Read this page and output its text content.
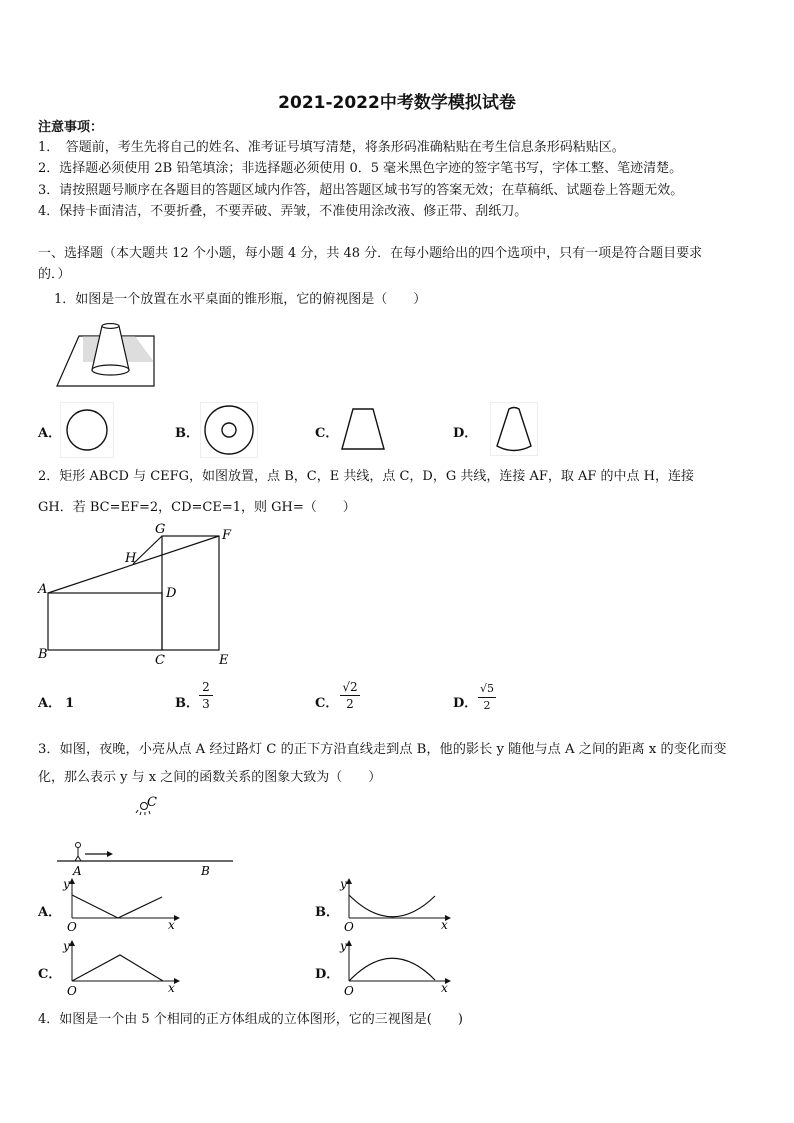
2021-2022中考数学模拟试卷
注意事项：
1．　答题前，考生先将自己的姓名、准考证号填写清楚，将条形码准确粘贴在考生信息条形码粘贴区。
2．选择题必须使用 2B 铅笔填涂；非选择题必须使用 0．5 毫米黑色字迹的签字笔书写，字体工整、笔迹清楚。
3．请按照题号顺序在各题目的答题区域内作答，超出答题区域书写的答案无效；在草稿纸、试题卷上答题无效。
4．保持卡面清洁，不要折叠，不要弄破、弄皱，不准使用涂改液、修正带、刮纸刀。
一、选择题（本大题共 12 个小题，每小题 4 分，共 48 分．在每小题给出的四个选项中，只有一项是符合题目要求
的．）
1．如图是一个放置在水平桌面的锥形瓶，它的俯视图是（　　）
A．	B．	C．	D．
2．矩形 ABCD 与 CEFG，如图放置，点 B，C，E 共线，点 C，D，G 共线，连接 AF，取 AF 的中点 H，连接
GH．若 BC=EF=2，CD=CE=1，则 GH=（　　）
A
B	C
D
E
F
G
H
A． 1	B．
2
3	C．
√2
2	D．
√5
2
3．如图，夜晚，小亮从点 A 经过路灯 C 的正下方沿直线走到点 B，他的影长 y 随他与点 A 之间的距离 x 的变化而变
化，那么表示 y 与 x 之间的函数关系的图象大致为（　　）
C
A	B
A．
y
O	x
B．
y
O	x
C．
y
O	x
D．
y
O	x
4．如图是一个由 5 个相同的正方体组成的立体图形，它的三视图是(　　)
